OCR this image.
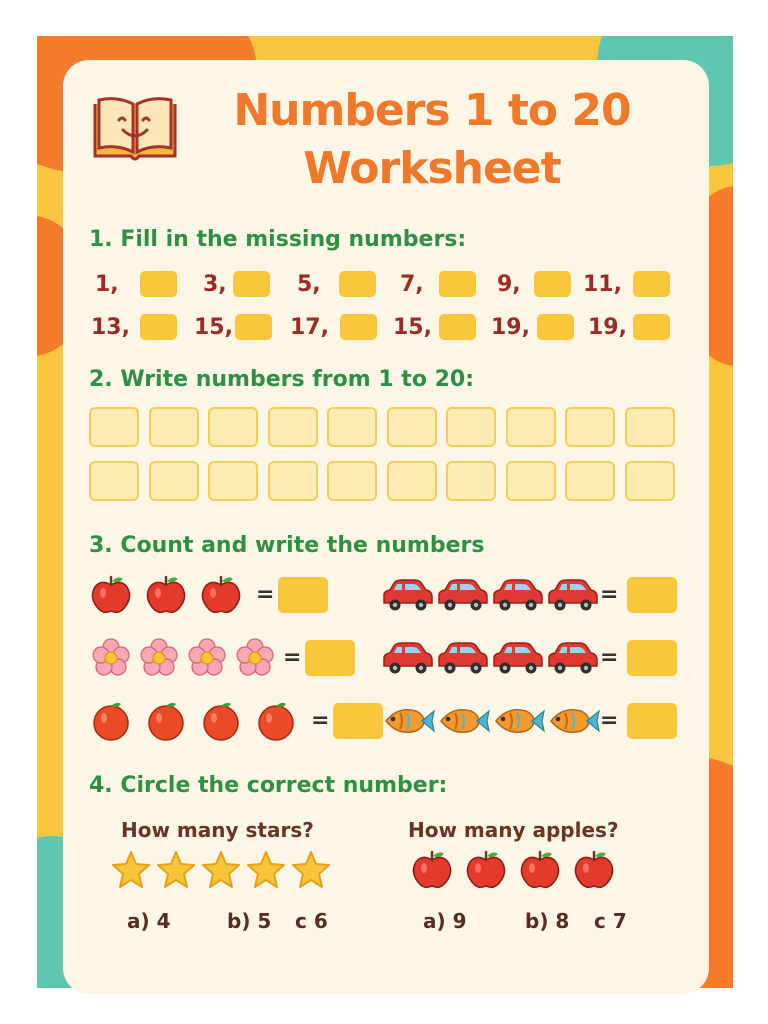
Numbers 1 to 20
Worksheet
1. Fill in the missing numbers:
1,	3,	5,	7,	9,	11,
13,	15,	17,	15,	19,	19,
2. Write numbers from 1 to 20:
3. Count and write the numbers
=	=
=	=
=	=
4. Circle the correct number:
How many stars?	How many apples?
a) 4	b) 5 c 6	a) 9	b) 8 c 7
